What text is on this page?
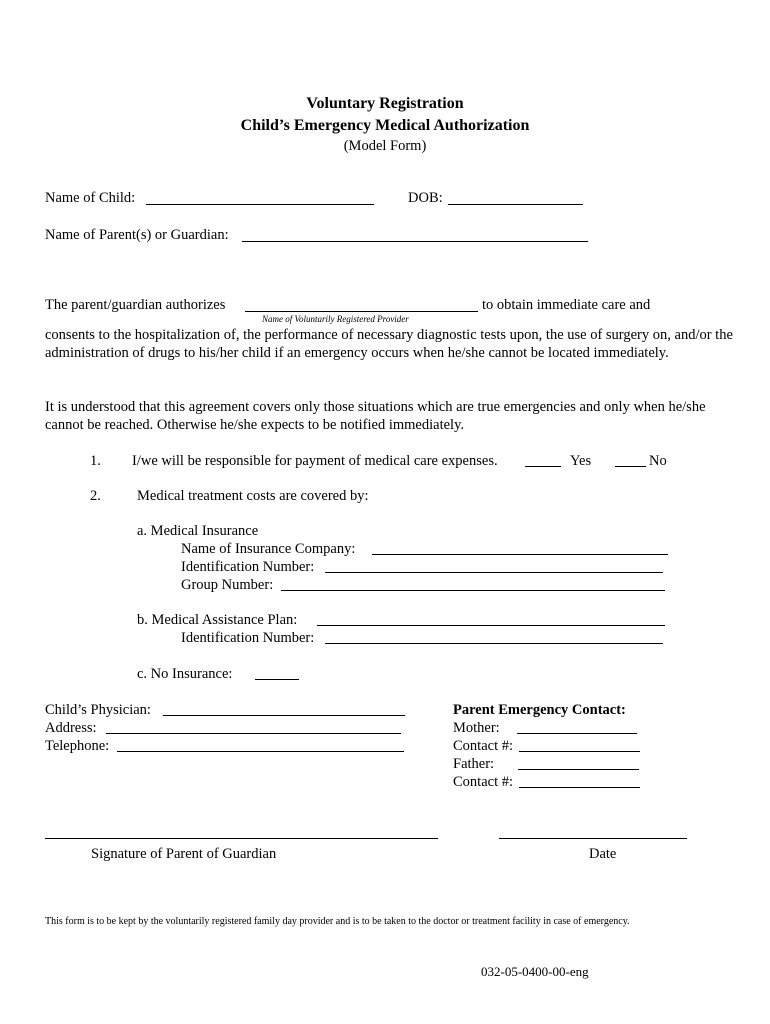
Voluntary Registration
Child’s Emergency Medical Authorization
(Model Form)
Name of Child:	DOB:
Name of Parent(s) or Guardian:
The parent/guardian authorizes
Name of Voluntarily Registered Provider
to obtain immediate care and
consents to the hospitalization of, the performance of necessary diagnostic tests upon, the use of surgery on, and/or the administration of drugs to his/her child if an emergency occurs when he/she cannot be located immediately.
It is understood that this agreement covers only those situations which are true emergencies and only when he/she cannot be reached. Otherwise he/she expects to be notified immediately.
1. I/we will be responsible for payment of medical care expenses.	Yes	No
2. Medical treatment costs are covered by:
a. Medical Insurance
Name of Insurance Company:
Identification Number:
Group Number:
b. Medical Assistance Plan:
Identification Number:
c. No Insurance:
Child’s Physician:
Address:
Telephone:
Parent Emergency Contact:
Mother:
Contact #:
Father:
Contact #:
Signature of Parent of Guardian	Date
This form is to be kept by the voluntarily registered family day provider and is to be taken to the doctor or treatment facility in case of emergency.
032-05-0400-00-eng
